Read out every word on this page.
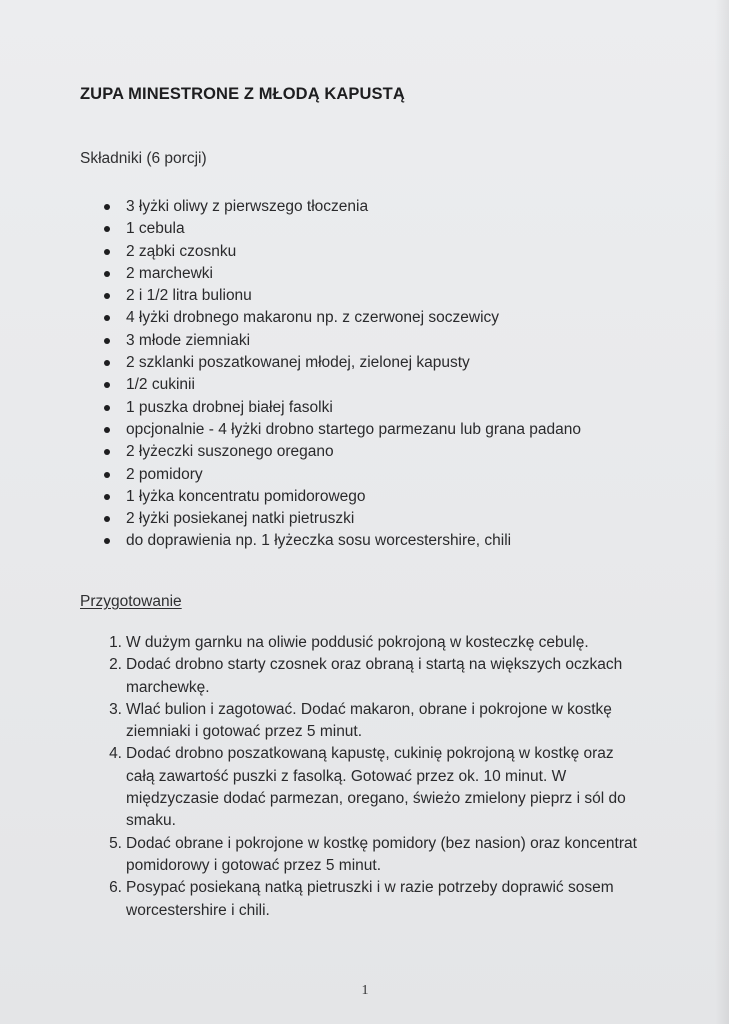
ZUPA MINESTRONE Z MŁODĄ KAPUSTĄ

Składniki (6 porcji)

3 łyżki oliwy z pierwszego tłoczenia
1 cebula
2 ząbki czosnku
2 marchewki
2 i 1/2 litra bulionu
4 łyżki drobnego makaronu np. z czerwonej soczewicy
3 młode ziemniaki
2 szklanki poszatkowanej młodej, zielonej kapusty
1/2 cukinii
1 puszka drobnej białej fasolki
opcjonalnie - 4 łyżki drobno startego parmezanu lub grana padano
2 łyżeczki suszonego oregano
2 pomidory
1 łyżka koncentratu pomidorowego
2 łyżki posiekanej natki pietruszki
do doprawienia np. 1 łyżeczka sosu worcestershire, chili
Przygotowanie
1. W dużym garnku na oliwie poddusić pokrojoną w kosteczkę cebulę.
2. Dodać drobno starty czosnek oraz obraną i startą na większych oczkach marchewkę.
3. Wlać bulion i zagotować. Dodać makaron, obrane i pokrojone w kostkę ziemniaki i gotować przez 5 minut.
4. Dodać drobno poszatkowaną kapustę, cukinię pokrojoną w kostkę oraz całą zawartość puszki z fasolką. Gotować przez ok. 10 minut. W międzyczasie dodać parmezan, oregano, świeżo zmielony pieprz i sól do smaku.
5. Dodać obrane i pokrojone w kostkę pomidory (bez nasion) oraz koncentrat pomidorowy i gotować przez 5 minut.
6. Posypać posiekaną natką pietruszki i w razie potrzeby doprawić sosem worcestershire i chili.
1
